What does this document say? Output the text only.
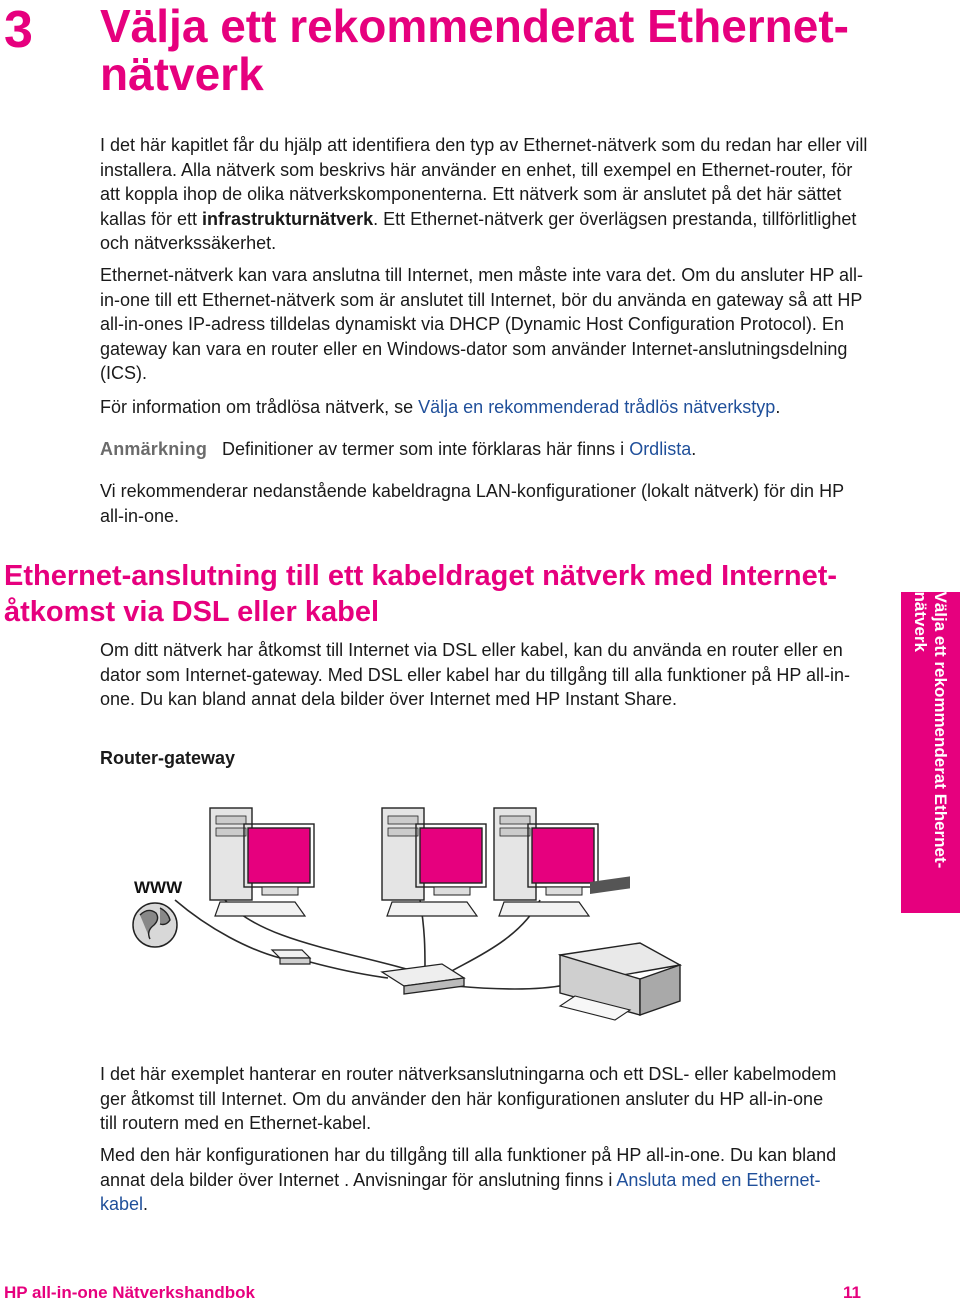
3 Välja ett rekommenderat Ethernet-nätverk

I det här kapitlet får du hjälp att identifiera den typ av Ethernet-nätverk som du redan har eller vill installera. Alla nätverk som beskrivs här använder en enhet, till exempel en Ethernet-router, för att koppla ihop de olika nätverkskomponenterna. Ett nätverk som är anslutet på det här sättet kallas för ett infrastrukturnätverk. Ett Ethernet-nätverk ger överlägsen prestanda, tillförlitlighet och nätverkssäkerhet.

Ethernet-nätverk kan vara anslutna till Internet, men måste inte vara det. Om du ansluter HP all-in-one till ett Ethernet-nätverk som är anslutet till Internet, bör du använda en gateway så att HP all-in-ones IP-adress tilldelas dynamiskt via DHCP (Dynamic Host Configuration Protocol). En gateway kan vara en router eller en Windows-dator som använder Internet-anslutningsdelning (ICS).

För information om trådlösa nätverk, se Välja en rekommenderad trådlös nätverkstyp.

Anmärkning Definitioner av termer som inte förklaras här finns i Ordlista.

Vi rekommenderar nedanstående kabeldragna LAN-konfigurationer (lokalt nätverk) för din HP all-in-one.

Ethernet-anslutning till ett kabeldraget nätverk med Internet-åtkomst via DSL eller kabel

Om ditt nätverk har åtkomst till Internet via DSL eller kabel, kan du använda en router eller en dator som Internet-gateway. Med DSL eller kabel har du tillgång till alla funktioner på HP all-in-one. Du kan bland annat dela bilder över Internet med HP Instant Share.

Router-gateway	Välja ett rekommenderat Ethernet-nätverk
WWW

I det här exemplet hanterar en router nätverksanslutningarna och ett DSL- eller kabelmodem ger åtkomst till Internet. Om du använder den här konfigurationen ansluter du HP all-in-one till routern med en Ethernet-kabel.

Med den här konfigurationen har du tillgång till alla funktioner på HP all-in-one. Du kan bland annat dela bilder över Internet . Anvisningar för anslutning finns i Ansluta med en Ethernet-kabel.

HP all-in-one Nätverkshandbok	11
